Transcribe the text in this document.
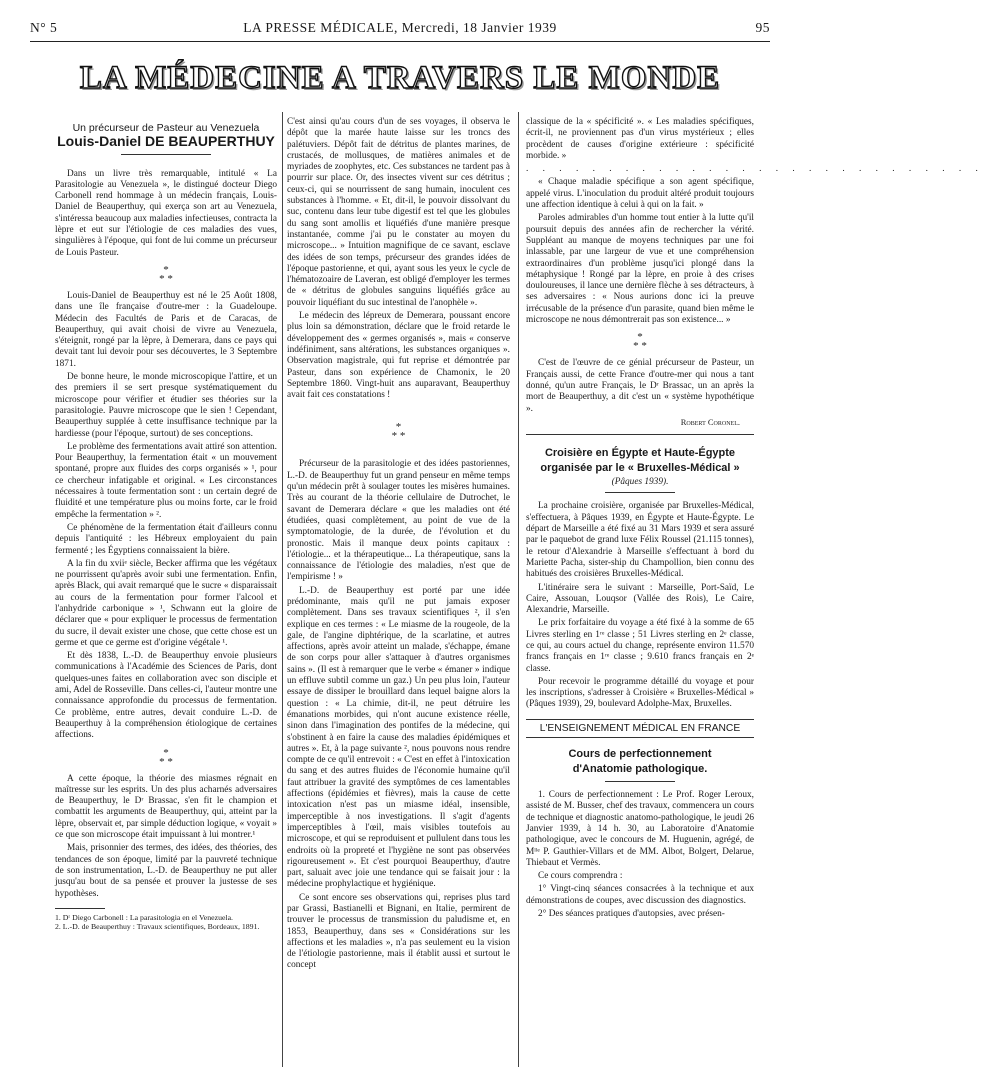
N° 5	LA PRESSE MÉDICALE, Mercredi, 18 Janvier 1939	95
LA MÉDECINE A TRAVERS LE MONDE

Un précurseur de Pasteur au Venezuela

Louis-Daniel DE BEAUPERTHUY

Dans un livre très remarquable, intitulé « La Parasitologie au Venezuela », le distingué docteur Diego Carbonell rend hommage à un médecin français, Louis-Daniel de Beauperthuy, qui exerça son art au Venezuela, s'intéressa beaucoup aux maladies infectieuses, contracta la lèpre et eut sur l'étiologie de ces maladies des vues, singulières à l'époque, qui font de lui comme un précurseur de Louis Pasteur.

*
* *

Louis-Daniel de Beauperthuy est né le 25 Août 1808, dans une île française d'outre-mer : la Guadeloupe. Médecin des Facultés de Paris et de Caracas, de Beauperthuy, qui avait choisi de vivre au Venezuela, s'éteignit, rongé par la lèpre, à Demerara, dans ce pays qui devait tant lui devoir pour ses découvertes, le 3 Septembre 1871.

De bonne heure, le monde microscopique l'attire, et un des premiers il se sert presque systématiquement du microscope pour vérifier et étudier ses théories sur la parasitologie. Pauvre microscope que le sien ! Cependant, Beauperthuy supplée à cette insuffisance technique par la hardiesse (pour l'époque, surtout) de ses conceptions.

Le problème des fermentations avait attiré son attention. Pour Beauperthuy, la fermentation était « un mouvement spontané, propre aux fluides des corps organisés » ¹, pour ce chercheur infatigable et original. « Les circonstances nécessaires à toute fermentation sont : un certain degré de fluidité et une température plus ou moins forte, car le froid empêche la fermentation » ².

Ce phénomène de la fermentation était d'ailleurs connu depuis l'antiquité : les Hébreux employaient du pain fermenté ; les Égyptiens connaissaient la bière.

A la fin du xviiᵉ siècle, Becker affirma que les végétaux ne pourrissent qu'après avoir subi une fermentation. Enfin, après Black, qui avait remarqué que le sucre « disparaissait au cours de la fermentation pour former l'alcool et l'anhydride carbonique » ¹, Schwann eut la gloire de déclarer que « pour expliquer le processus de fermentation du sucre, il devait exister une chose, que cette chose est un germe et que ce germe est d'origine végétale ¹.

Et dès 1838, L.-D. de Beauperthuy envoie plusieurs communications à l'Académie des Sciences de Paris, dont quelques-unes faites en collaboration avec son disciple et ami, Adel de Rosseville. Dans celles-ci, l'auteur montre une connaissance approfondie du processus de fermentation. Ce problème, entre autres, devait conduire L.-D. de Beauperthuy à la compréhension étiologique de certaines affections.

*
* *

A cette époque, la théorie des miasmes régnait en maîtresse sur les esprits. Un des plus acharnés adversaires de Beauperthuy, le Dʳ Brassac, s'en fit le champion et combattit les arguments de Beauperthuy, qui, atteint par la lèpre, observait et, par simple déduction logique, « voyait » ce que son microscope était impuissant à lui montrer.¹

Mais, prisonnier des termes, des idées, des théories, des tendances de son époque, limité par la pauvreté technique de son instrumentation, L.-D. de Beauperthuy ne put aller jusqu'au bout de sa pensée et prouver la justesse de ses hypothèses.

1. Dʳ Diego Carbonell : La parasitologia en el Venezuela.

2. L.-D. de Beauperthuy : Travaux scientifiques, Bordeaux, 1891.

C'est ainsi qu'au cours d'un de ses voyages, il observa le dépôt que la marée haute laisse sur les troncs des palétuviers. Dépôt fait de détritus de plantes marines, de crustacés, de mollusques, de matières animales et de myriades de zoophytes, etc. Ces substances ne tardent pas à pourrir sur place. Or, des insectes vivent sur ces détritus ; ceux-ci, qui se nourrissent de sang humain, inoculent ces substances à l'homme. « Et, dit-il, le pouvoir dissolvant du suc, contenu dans leur tube digestif est tel que les globules du sang sont amollis et liquéfiés d'une manière presque instantanée, comme j'ai pu le constater au moyen du microscope... » Intuition magnifique de ce savant, esclave des idées de son temps, précurseur des grandes idées de l'époque pastorienne, et qui, ayant sous les yeux le cycle de l'hématozoaire de Laveran, est obligé d'employer les termes de « détritus de globules sanguins liquéfiés grâce au pouvoir liquéfiant du suc intestinal de l'anophèle ».

Le médecin des lépreux de Demerara, poussant encore plus loin sa démonstration, déclare que le froid retarde le développement des « germes organisés », mais « conserve indéfiniment, sans altérations, les substances organiques ». Observation magistrale, qui fut reprise et démontrée par Pasteur, dans son expérience de Chamonix, le 20 Septembre 1860. Vingt-huit ans auparavant, Beauperthuy avait fait ces constatations !

*
* *

Précurseur de la parasitologie et des idées pastoriennes, L.-D. de Beauperthuy fut un grand penseur en même temps qu'un médecin prêt à soulager toutes les misères humaines. Très au courant de la théorie cellulaire de Dutrochet, le savant de Demerara déclare « que les maladies ont été étudiées, quasi complètement, au point de vue de la symptomatologie, de la durée, de l'évolution et du pronostic. Mais il manque deux points capitaux : l'étiologie... et la thérapeutique... La thérapeutique, sans la connaissance de l'étiologie des maladies, n'est que de l'empirisme ! »

L.-D. de Beauperthuy est porté par une idée prédominante, mais qu'il ne put jamais exposer complètement. Dans ses travaux scientifiques ², il s'en explique en ces termes : « Le miasme de la rougeole, de la gale, de l'angine diphtérique, de la scarlatine, et autres affections, après avoir atteint un malade, s'échappe, émane de son corps pour aller s'attaquer à d'autres organismes sains ». (Il est à remarquer que le verbe « émaner » indique un effluve subtil comme un gaz.) Un peu plus loin, l'auteur essaye de dissiper le brouillard dans lequel baigne alors la question : « La chimie, dit-il, ne peut détruire les émanations morbides, qui n'ont aucune existence réelle, sinon dans l'imagination des pontifes de la médecine, qui s'obstinent à en faire la cause des maladies épidémiques et autres ». Et, à la page suivante ², nous pouvons nous rendre compte de ce qu'il entrevoit : « C'est en effet à l'intoxication du sang et des autres fluides de l'économie humaine qu'il faut attribuer la gravité des symptômes de ces lamentables affections (épidémies et fièvres), mais la cause de cette intoxication n'est pas un miasme idéal, insensible, imperceptible à nos investigations. Il s'agit d'agents imperceptibles à l'œil, mais visibles toutefois au microscope, et qui se reproduisent et pullulent dans tous les endroits où la propreté et l'hygiène ne sont pas observées rigoureusement ». Et c'est pourquoi Beauperthuy, d'autre part, saluait avec joie une tendance qui se faisait jour : la médecine prophylactique et hygiénique.

Ce sont encore ses observations qui, reprises plus tard par Grassi, Bastianelli et Bignani, en Italie, permirent de trouver le processus de transmission du paludisme et, en 1853, Beauperthuy, dans ses « Considérations sur les affections et les maladies », n'a pas seulement eu la vision de l'étiologie pastorienne, mais il établit aussi et surtout le concept

classique de la « spécificité ». « Les maladies spécifiques, écrit-il, ne proviennent pas d'un virus mystérieux ; elles procèdent de causes d'origine extérieure : spécificité morbide. »

. . . . . . . . . . . . . . . . . . . . . . . . . . . .

« Chaque maladie spécifique a son agent spécifique, appelé virus. L'inoculation du produit altéré produit toujours une affection identique à celui à qui on la fait. »

Paroles admirables d'un homme tout entier à la lutte qu'il poursuit depuis des années afin de rechercher la vérité. Suppléant au manque de moyens techniques par une foi inlassable, par une largeur de vue et une compréhension extraordinaires d'un problème jusqu'ici plongé dans la métaphysique ! Rongé par la lèpre, en proie à des crises douloureuses, il lance une dernière flèche à ses détracteurs, à ses adversaires : « Nous aurions donc ici la preuve irrécusable de la présence d'un parasite, quand bien même le microscope ne nous démontrerait pas son existence... »

*
* *

C'est de l'œuvre de ce génial précurseur de Pasteur, un Français aussi, de cette France d'outre-mer qui nous a tant donné, qu'un autre Français, le Dʳ Brassac, un an après la mort de Beauperthuy, a dit c'est un « système hypothétique ».

Robert Coronel.

Croisière en Égypte et Haute-Égypte

organisée par le « Bruxelles-Médical »

(Pâques 1939).

La prochaine croisière, organisée par Bruxelles-Médical, s'effectuera, à Pâques 1939, en Égypte et Haute-Égypte. Le départ de Marseille a été fixé au 31 Mars 1939 et sera assuré par le paquebot de grand luxe Félix Roussel (21.115 tonnes), le retour d'Alexandrie à Marseille s'effectuant à bord du Mariette Pacha, sister-ship du Champollion, bien connu des habitués des croisières Bruxelles-Médical.

L'itinéraire sera le suivant : Marseille, Port-Saïd, Le Caire, Assouan, Louqsor (Vallée des Rois), Le Caire, Alexandrie, Marseille.

Le prix forfaitaire du voyage a été fixé à la somme de 65 Livres sterling en 1ʳᵉ classe ; 51 Livres sterling en 2ᵉ classe, ce qui, au cours actuel du change, représente environ 11.570 francs français en 1ʳᵉ classe ; 9.610 francs français en 2ᵉ classe.

Pour recevoir le programme détaillé du voyage et pour les inscriptions, s'adresser à Croisière « Bruxelles-Médical » (Pâques 1939), 29, boulevard Adolphe-Max, Bruxelles.

L'ENSEIGNEMENT MÉDICAL EN FRANCE

Cours de perfectionnement

d'Anatomie pathologique.

1. Cours de perfectionnement : Le Prof. Roger Leroux, assisté de M. Busser, chef des travaux, commencera un cours de technique et diagnostic anatomo-pathologique, le jeudi 26 Janvier 1939, à 14 h. 30, au Laboratoire d'Anatomie pathologique, avec le concours de M. Huguenin, agrégé, de Mˡˡᵉ P. Gauthier-Villars et de MM. Albot, Bolgert, Delarue, Thiebaut et Vermès.

Ce cours comprendra :

1° Vingt-cinq séances consacrées à la technique et aux démonstrations de coupes, avec discussion des diagnostics.

2° Des séances pratiques d'autopsies, avec présen-
